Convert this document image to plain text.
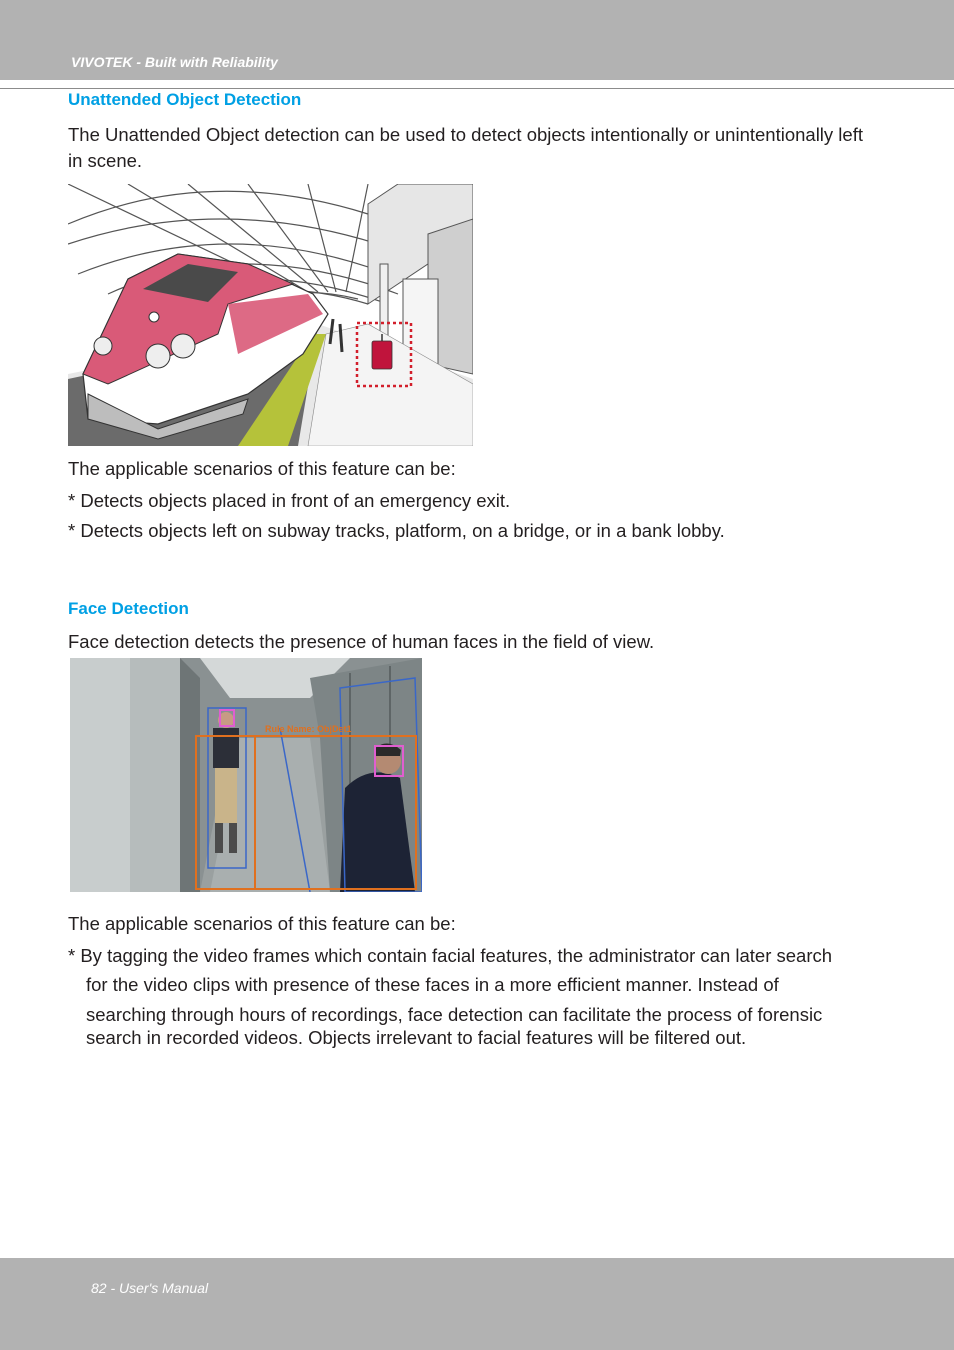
VIVOTEK - Built with Reliability
Unattended Object Detection
The Unattended Object detection can be used to detect objects intentionally or unintentionally left in scene.
The applicable scenarios of this feature can be:
* Detects objects placed in front of an emergency exit.
* Detects objects left on subway tracks, platform, on a bridge, or in a bank lobby.
Face Detection
Face detection detects the presence of human faces in the field of view.
Rule Name: ObjDet1
The applicable scenarios of this feature can be:
* By tagging the video frames which contain facial features, the administrator can later search
for the video clips with presence of these faces in a more efficient manner. Instead of
searching through hours of recordings, face detection can facilitate the process of forensic
search in recorded videos. Objects irrelevant to facial features will be filtered out.
82 - User's Manual
